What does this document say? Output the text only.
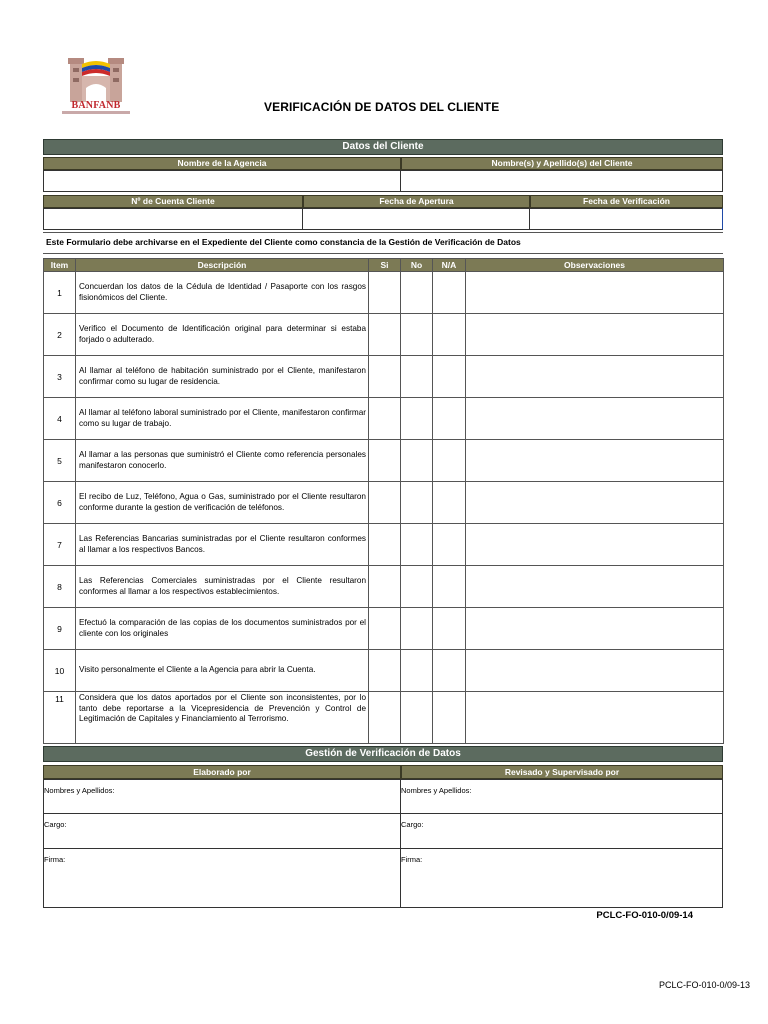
BANFANB	VERIFICACIÓN DE DATOS DEL CLIENTE
Datos del Cliente
Nombre de la Agencia	Nombre(s) y Apellido(s) del Cliente
Nº de Cuenta Cliente	Fecha de Apertura	Fecha de Verificación
Este Formulario debe archivarse en el Expediente del Cliente como constancia de la Gestión de Verificación de Datos
Item	Descripción	Si	No	N/A	Observaciones
1	Concuerdan los datos de la Cédula de Identidad / Pasaporte con los rasgos fisionómicos del Cliente.				
2	Verifico el Documento de Identificación original para determinar si estaba forjado o adulterado.				
3	Al llamar al teléfono de habitación suministrado por el Cliente, manifestaron confirmar como su lugar de residencia.				
4	Al llamar al teléfono laboral suministrado por el Cliente, manifestaron confirmar como su lugar de trabajo.				
5	Al llamar a las personas que suministró el Cliente como referencia personales manifestaron conocerlo.				
6	El recibo de Luz, Teléfono, Agua o Gas, suministrado por el Cliente resultaron conforme durante la gestion de verificación de teléfonos.				
7	Las Referencias Bancarias suministradas por el Cliente resultaron conformes al llamar a los respectivos Bancos.				
8	Las Referencias Comerciales suministradas por el Cliente resultaron conformes al llamar a los respectivos establecimientos.				
9	Efectuó la comparación de las copias de los documentos suministrados por el cliente con los originales				
10	Visito personalmente el Cliente a la Agencia para abrir la Cuenta.				
11	Considera que los datos aportados por el Cliente son inconsistentes, por lo tanto debe reportarse a la Vicepresidencia de Prevención y Control de Legitimación de Capitales y Financiamiento al Terrorismo.				
Gestión de Verificación de Datos
Elaborado por	Revisado y Supervisado por
Nombres y Apellidos:
Cargo:
Firma:
Nombres y Apellidos:
Cargo:
Firma:
PCLC-FO-010-0/09-14
PCLC-FO-010-0/09-13
